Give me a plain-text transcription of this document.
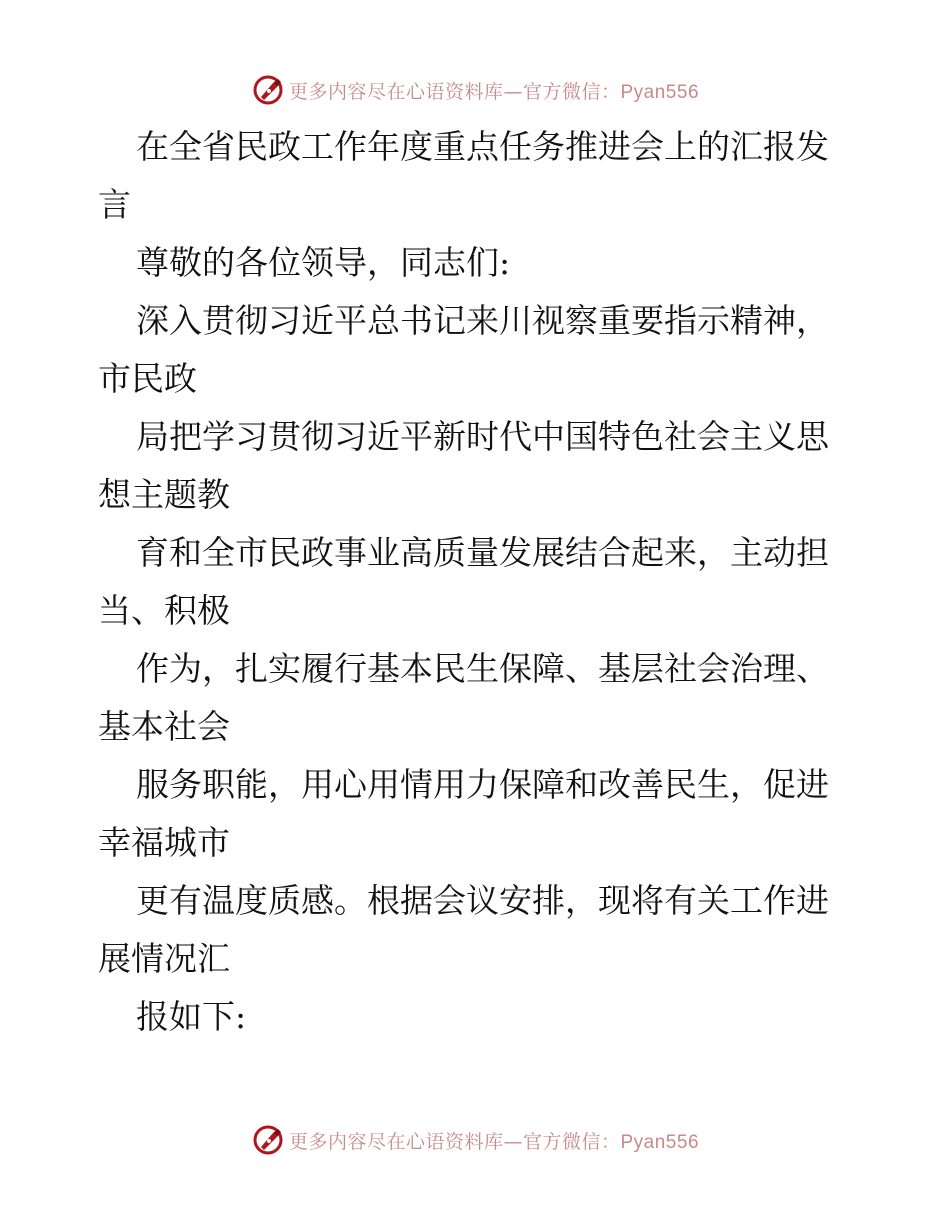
更多内容尽在心语资料库—官方微信：Pyan556

在全省民政工作年度重点任务推进会上的汇报发

言

尊敬的各位领导，同志们:

深入贯彻习近平总书记来川视察重要指示精神，

市民政

局把学习贯彻习近平新时代中国特色社会主义思

想主题教

育和全市民政事业高质量发展结合起来，主动担

当、积极

作为，扎实履行基本民生保障、基层社会治理、

基本社会

服务职能，用心用情用力保障和改善民生，促进

幸福城市

更有温度质感。根据会议安排，现将有关工作进

展情况汇

报如下:

更多内容尽在心语资料库—官方微信：Pyan556
